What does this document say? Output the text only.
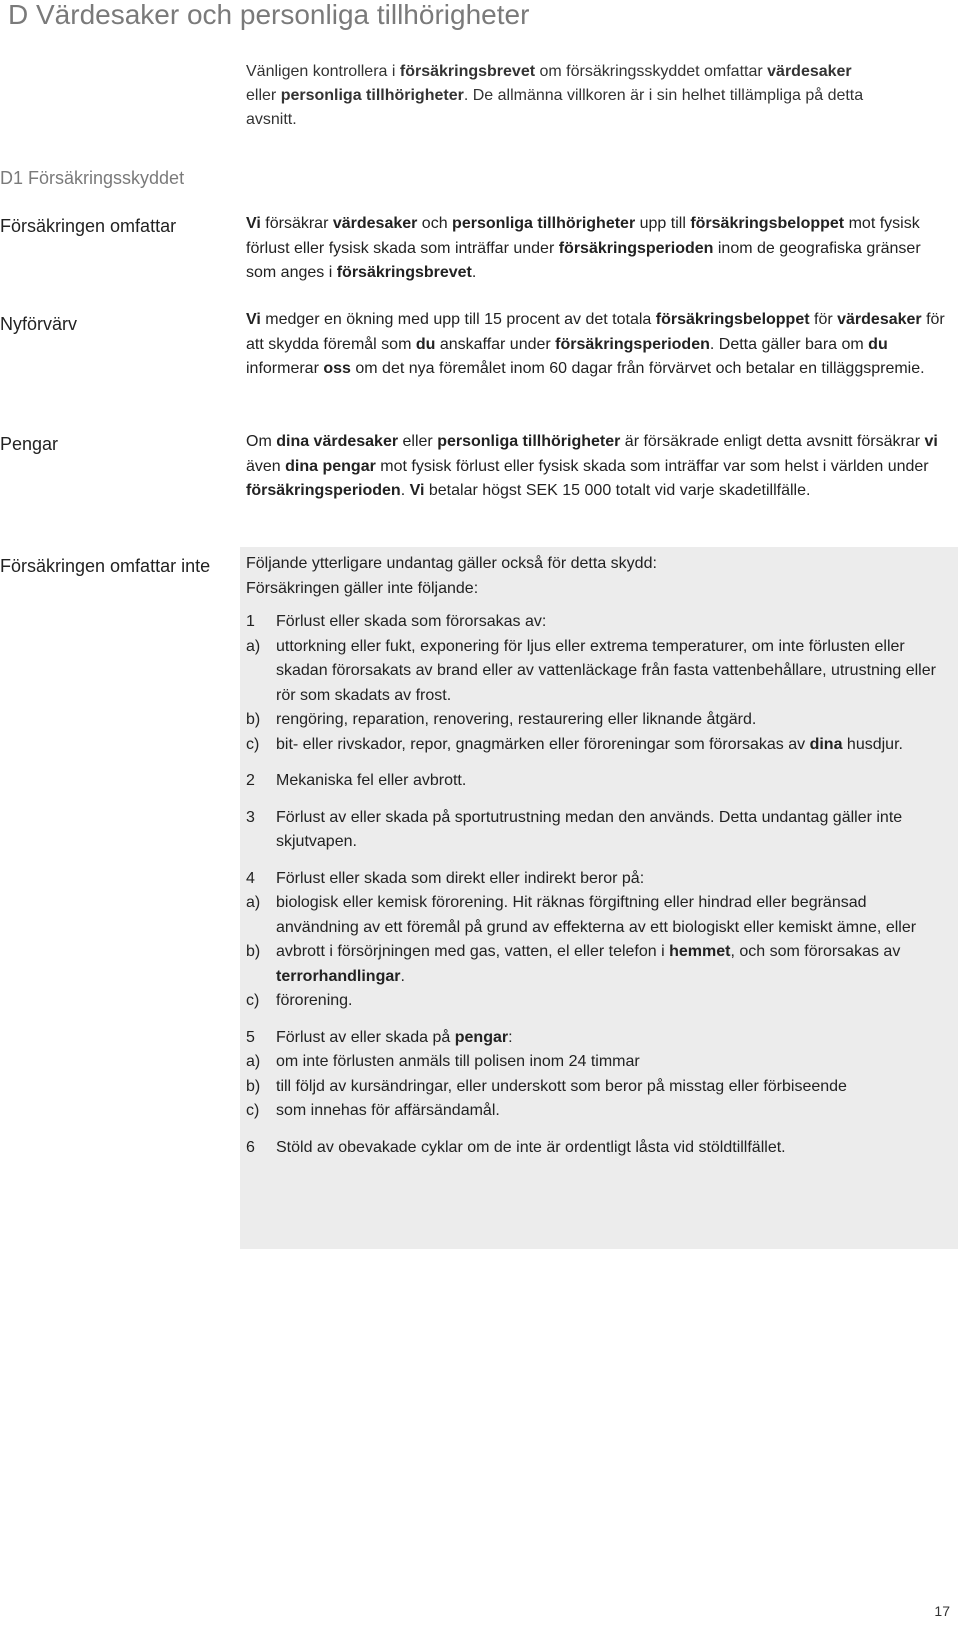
D Värdesaker och personliga tillhörigheter
Vänligen kontrollera i försäkringsbrevet om försäkringsskyddet omfattar värdesaker eller personliga tillhörigheter. De allmänna villkoren är i sin helhet tillämpliga på detta avsnitt.
D1 Försäkringsskyddet
Försäkringen omfattar	Vi försäkrar värdesaker och personliga tillhörigheter upp till försäkringsbeloppet mot fysisk förlust eller fysisk skada som inträffar under försäkringsperioden inom de geografiska gränser som anges i försäkringsbrevet.
Nyförvärv	Vi medger en ökning med upp till 15 procent av det totala försäkringsbeloppet för värdesaker för att skydda föremål som du anskaffar under försäkringsperioden. Detta gäller bara om du informerar oss om det nya föremålet inom 60 dagar från förvärvet och betalar en tilläggspremie.
Pengar	Om dina värdesaker eller personliga tillhörigheter är försäkrade enligt detta avsnitt försäkrar vi även dina pengar mot fysisk förlust eller fysisk skada som inträffar var som helst i världen under försäkringsperioden. Vi betalar högst SEK 15 000 totalt vid varje skadetillfälle.
Försäkringen omfattar inte	Följande ytterligare undantag gäller också för detta skydd:
Försäkringen gäller inte följande:
1	Förlust eller skada som förorsakas av:
a) uttorkning eller fukt, exponering för ljus eller extrema temperaturer, om inte förlusten eller skadan förorsakats av brand eller av vattenläckage från fasta vattenbehållare, utrustning eller rör som skadats av frost.
b) rengöring, reparation, renovering, restaurering eller liknande åtgärd.
c)	bit- eller rivskador, repor, gnagmärken eller föroreningar som förorsakas av dina husdjur.
2	Mekaniska fel eller avbrott.
3	Förlust av eller skada på sportutrustning medan den används. Detta undantag gäller inte skjutvapen.
4	Förlust eller skada som direkt eller indirekt beror på:
a) biologisk eller kemisk förorening. Hit räknas förgiftning eller hindrad eller begränsad användning av ett föremål på grund av effekterna av ett biologiskt eller kemiskt ämne, eller
b) avbrott i försörjningen med gas, vatten, el eller telefon i hemmet, och som förorsakas av terrorhandlingar.
c)	förorening.
5	Förlust av eller skada på pengar:
a) om inte förlusten anmäls till polisen inom 24 timmar
b) till följd av kursändringar, eller underskott som beror på misstag eller förbiseende
c)	som innehas för affärsändamål.
6	Stöld av obevakade cyklar om de inte är ordentligt låsta vid stöldtillfället.
17
